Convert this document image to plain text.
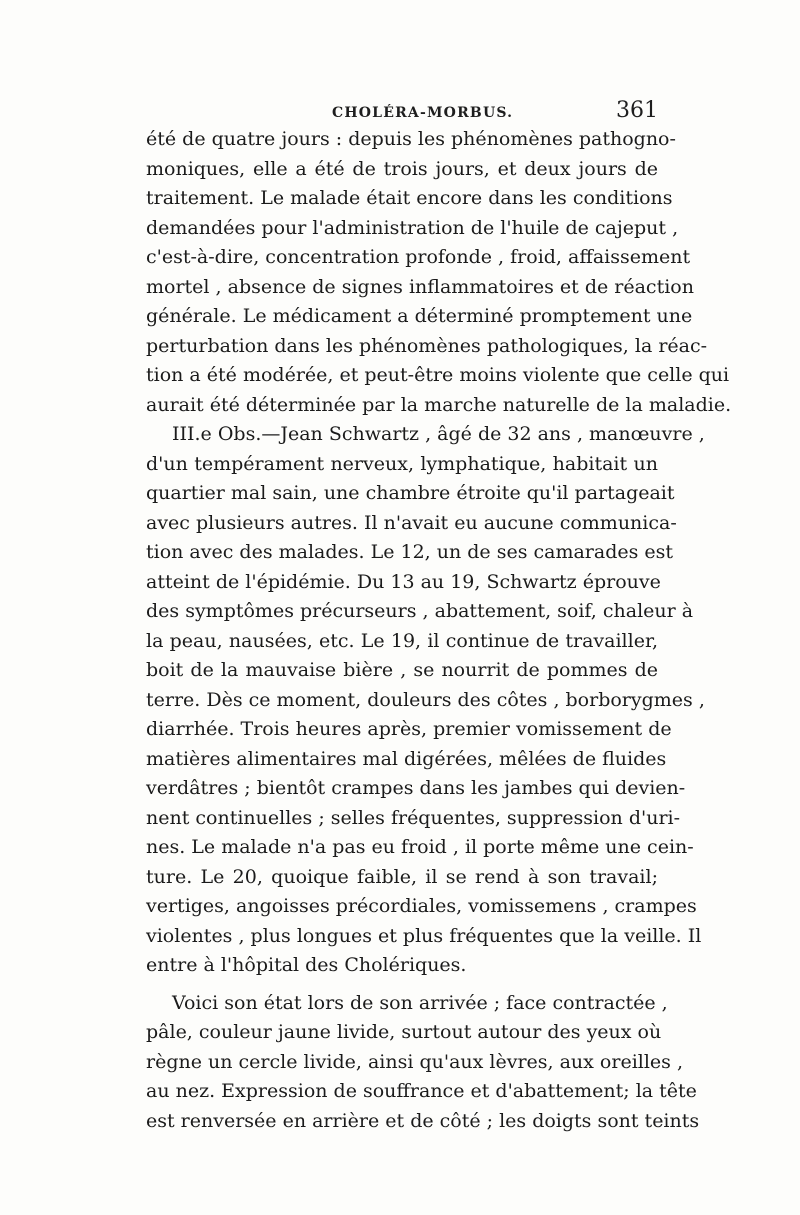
CHOLÉRA-MORBUS.	361
été de quatre jours : depuis les phénomènes pathogno-
moniques, elle a été de trois jours, et deux jours de
traitement. Le malade était encore dans les conditions
demandées pour l'administration de l'huile de cajeput ,
c'est-à-dire, concentration profonde , froid, affaissement
mortel , absence de signes inflammatoires et de réaction
générale. Le médicament a déterminé promptement une
perturbation dans les phénomènes pathologiques, la réac-
tion a été modérée, et peut-être moins violente que celle qui
aurait été déterminée par la marche naturelle de la maladie.
III.e Obs.—Jean Schwartz , âgé de 32 ans , manœuvre ,
d'un tempérament nerveux, lymphatique, habitait un
quartier mal sain, une chambre étroite qu'il partageait
avec plusieurs autres. Il n'avait eu aucune communica-
tion avec des malades. Le 12, un de ses camarades est
atteint de l'épidémie. Du 13 au 19, Schwartz éprouve
des symptômes précurseurs , abattement, soif, chaleur à
la peau, nausées, etc. Le 19, il continue de travailler,
boit de la mauvaise bière , se nourrit de pommes de
terre. Dès ce moment, douleurs des côtes , borborygmes ,
diarrhée. Trois heures après, premier vomissement de
matières alimentaires mal digérées, mêlées de fluides
verdâtres ; bientôt crampes dans les jambes qui devien-
nent continuelles ; selles fréquentes, suppression d'uri-
nes. Le malade n'a pas eu froid , il porte même une cein-
ture. Le 20, quoique faible, il se rend à son travail;
vertiges, angoisses précordiales, vomissemens , crampes
violentes , plus longues et plus fréquentes que la veille. Il
entre à l'hôpital des Cholériques.
Voici son état lors de son arrivée ; face contractée ,
pâle, couleur jaune livide, surtout autour des yeux où
règne un cercle livide, ainsi qu'aux lèvres, aux oreilles ,
au nez. Expression de souffrance et d'abattement; la tête
est renversée en arrière et de côté ; les doigts sont teints
